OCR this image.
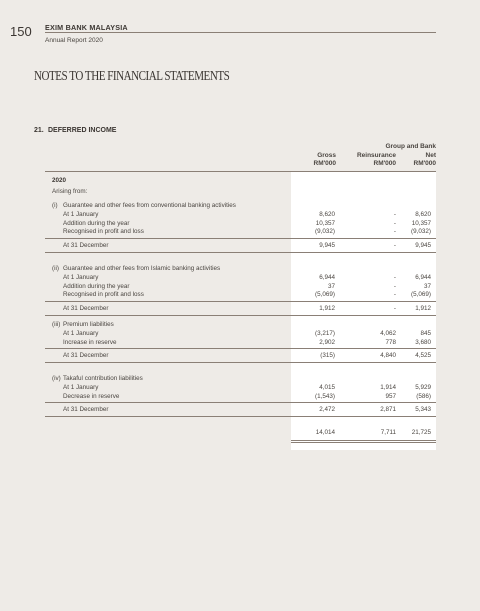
150 EXIM BANK MALAYSIA
Annual Report 2020
NOTES TO THE FINANCIAL STATEMENTS
21. DEFERRED INCOME
Group and Bank
Gross	Reinsurance	Net
RM'000	RM'000	RM'000
2020
Arising from:
(i) Guarantee and other fees from conventional banking activities
At 1 January	8,620	-	8,620
Addition during the year	10,357	-	10,357
Recognised in profit and loss	(9,032)	-	(9,032)
At 31 December	9,945	-	9,945
(ii) Guarantee and other fees from Islamic banking activities
At 1 January	6,944	-	6,944
Addition during the year	37	-	37
Recognised in profit and loss	(5,069)	-	(5,069)
At 31 December	1,912	-	1,912
(iii) Premium liabilities
At 1 January	(3,217)	4,062	845
Increase in reserve	2,902	778	3,680
At 31 December	(315)	4,840	4,525
(iv) Takaful contribution liabilities
At 1 January	4,015	1,914	5,929
Decrease in reserve	(1,543)	957	(586)
At 31 December	2,472	2,871	5,343
14,014	7,711	21,725
